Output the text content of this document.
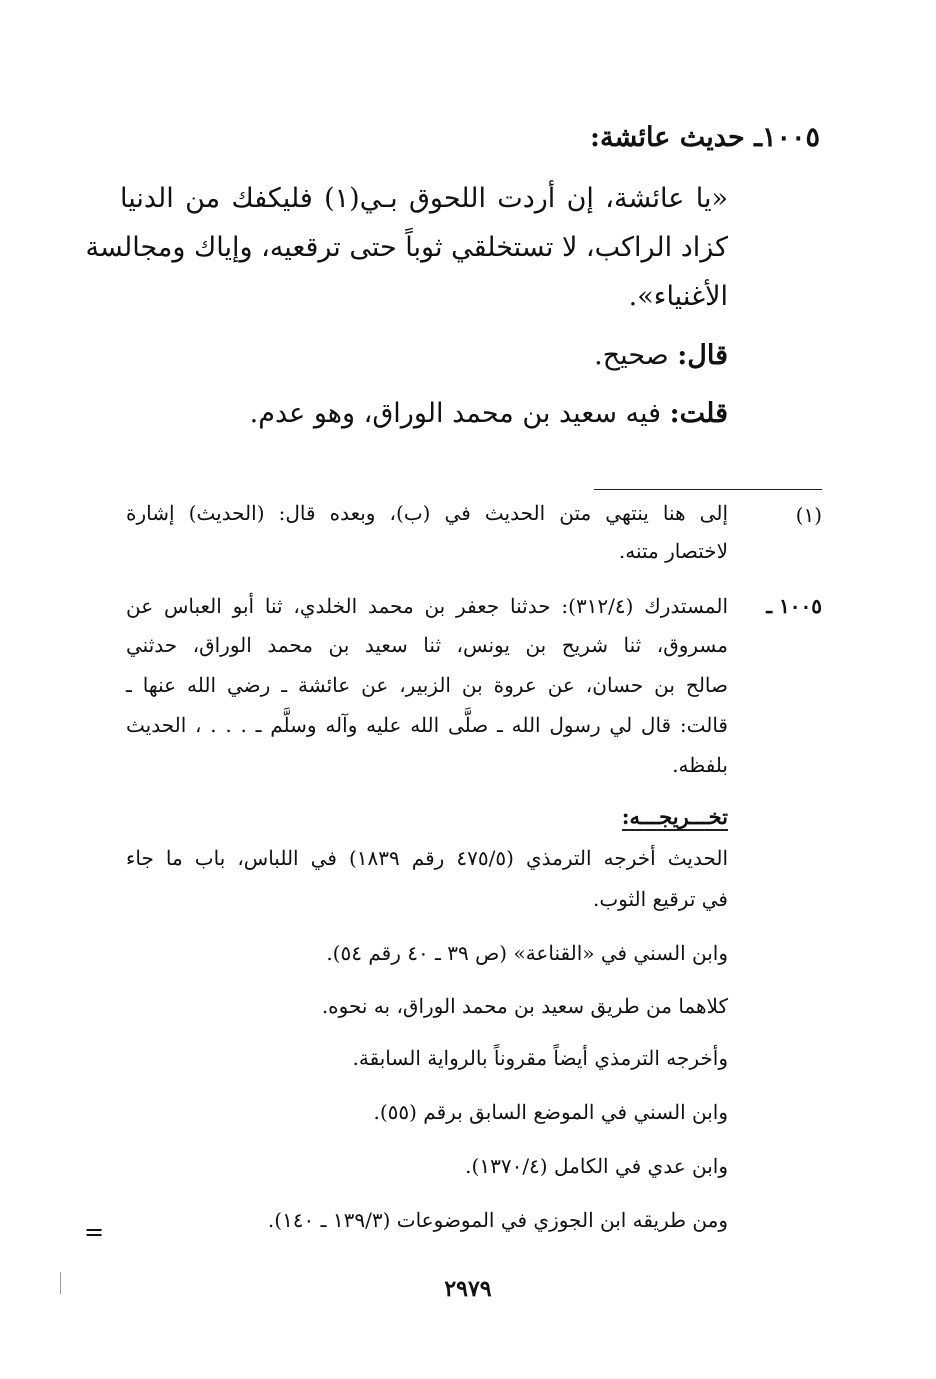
١٠٠٥ـ حديث عائشة:
«يا عائشة، إن أردت اللحوق بـي(١) فليكفك من الدنيا
كزاد الراكب، لا تستخلقي ثوباً حتى ترقعيه، وإياك ومجالسة
الأغنياء».
قال: صحيح.
قلت: فيه سعيد بن محمد الوراق، وهو عدم.
(١)
إلى هنا ينتهي متن الحديث في (ب)، وبعده قال: (الحديث) إشارة
لاختصار متنه.
١٠٠٥ ـ
المستدرك (٣١٢/٤): حدثنا جعفر بن محمد الخلدي، ثنا أبو العباس عن
مسروق، ثنا شريح بن يونس، ثنا سعيد بن محمد الوراق، حدثني
صالح بن حسان، عن عروة بن الزبير، عن عائشة ـ رضي الله عنها ـ
قالت: قال لي رسول الله ـ صلَّى الله عليه وآله وسلَّم ـ . . . ، الحديث
بلفظه.
تخـــريجـــه:
الحديث أخرجه الترمذي (٤٧٥/٥ رقم ١٨٣٩) في اللباس، باب ما جاء
في ترقيع الثوب.
وابن السني في «القناعة» (ص ٣٩ ـ ٤٠ رقم ٥٤).
كلاهما من طريق سعيد بن محمد الوراق، به نحوه.
وأخرجه الترمذي أيضاً مقروناً بالرواية السابقة.
وابن السني في الموضع السابق برقم (٥٥).
وابن عدي في الكامل (١٣٧٠/٤).
ومن طريقه ابن الجوزي في الموضوعات (١٣٩/٣ ـ ١٤٠).
=
٢٩٧٩
